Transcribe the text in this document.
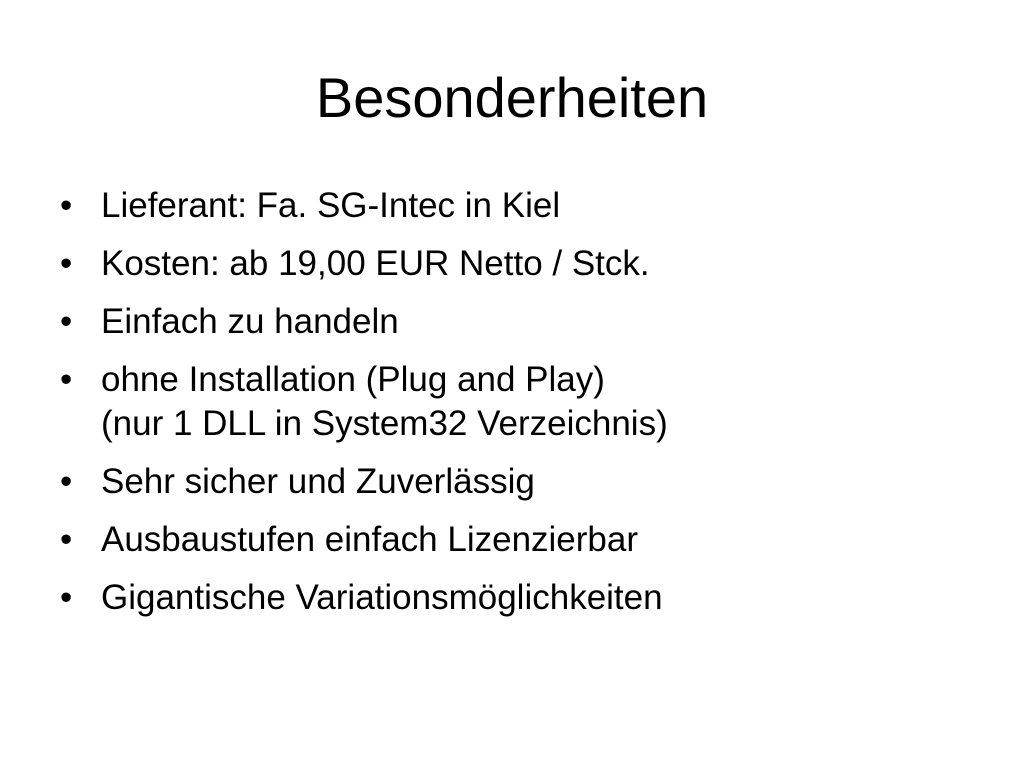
Besonderheiten
• Lieferant: Fa. SG-Intec in Kiel
• Kosten: ab 19,00 EUR Netto / Stck.
• Einfach zu handeln
• ohne Installation (Plug and Play)
(nur 1 DLL in System32 Verzeichnis)
• Sehr sicher und Zuverlässig
• Ausbaustufen einfach Lizenzierbar
• Gigantische Variationsmöglichkeiten
